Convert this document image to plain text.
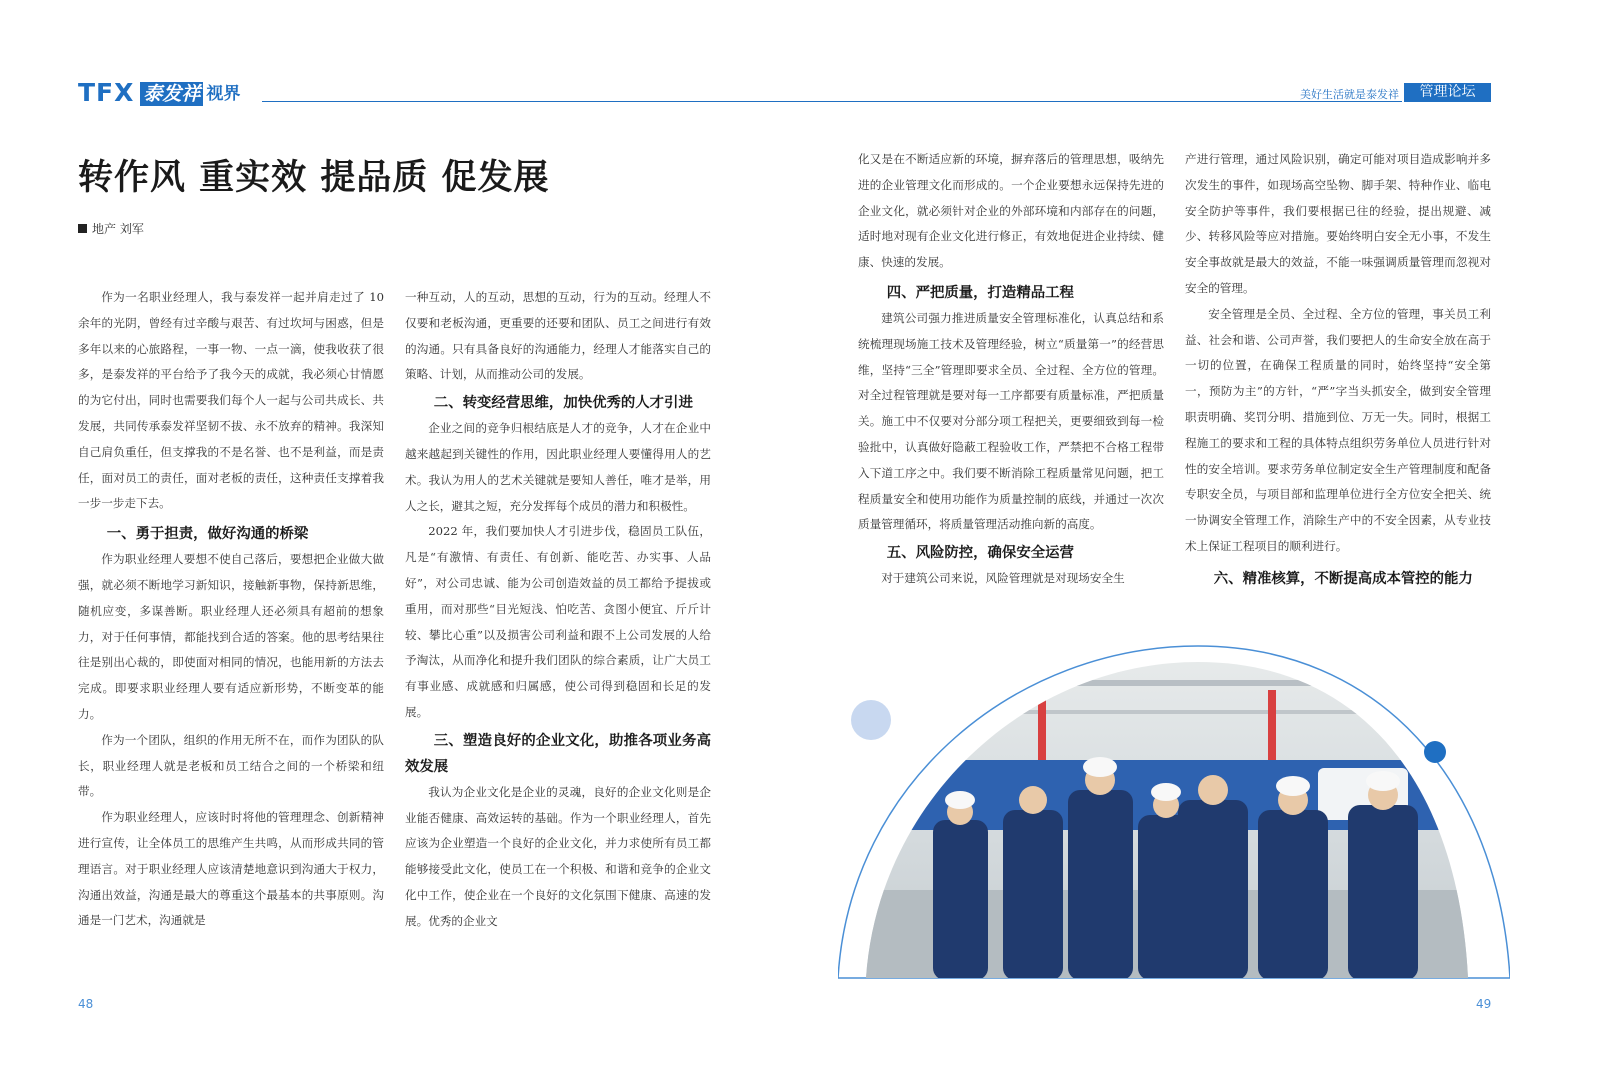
TFX 泰发祥 视界	美好生活就是泰发祥	管理论坛
转作风 重实效 提品质 促发展
地产 刘军

作为一名职业经理人，我与泰发祥一起并肩走过了 10 余年的光阴，曾经有过辛酸与艰苦、有过坎坷与困惑，但是多年以来的心旅路程，一事一物、一点一滴，使我收获了很多，是泰发祥的平台给予了我今天的成就，我必须心甘情愿的为它付出，同时也需要我们每个人一起与公司共成长、共发展，共同传承泰发祥坚韧不拔、永不放弃的精神。我深知自己肩负重任，但支撑我的不是名誉、也不是利益，而是责任，面对员工的责任，面对老板的责任，这种责任支撑着我一步一步走下去。

一、勇于担责，做好沟通的桥梁

作为职业经理人要想不使自己落后，要想把企业做大做强，就必须不断地学习新知识，接触新事物，保持新思维，随机应变，多谋善断。职业经理人还必须具有超前的想象力，对于任何事情，都能找到合适的答案。他的思考结果往往是别出心裁的，即使面对相同的情况，也能用新的方法去完成。即要求职业经理人要有适应新形势，不断变革的能力。

作为一个团队，组织的作用无所不在，而作为团队的队长，职业经理人就是老板和员工结合之间的一个桥梁和纽带。

作为职业经理人，应该时时将他的管理理念、创新精神进行宣传，让全体员工的思维产生共鸣，从而形成共同的管理语言。对于职业经理人应该清楚地意识到沟通大于权力，沟通出效益，沟通是最大的尊重这个最基本的共事原则。沟通是一门艺术，沟通就是

一种互动，人的互动，思想的互动，行为的互动。经理人不仅要和老板沟通，更重要的还要和团队、员工之间进行有效的沟通。只有具备良好的沟通能力，经理人才能落实自己的策略、计划，从而推动公司的发展。

二、转变经营思维，加快优秀的人才引进

企业之间的竞争归根结底是人才的竞争，人才在企业中越来越起到关键性的作用，因此职业经理人要懂得用人的艺术。我认为用人的艺术关键就是要知人善任，唯才是举，用人之长，避其之短，充分发挥每个成员的潜力和积极性。

2022 年，我们要加快人才引进步伐，稳固员工队伍，凡是“有激情、有责任、有创新、能吃苦、办实事、人品好”，对公司忠诚、能为公司创造效益的员工都给予提拔或重用，而对那些“目光短浅、怕吃苦、贪图小便宜、斤斤计较、攀比心重”以及损害公司利益和跟不上公司发展的人给予淘汰，从而净化和提升我们团队的综合素质，让广大员工有事业感、成就感和归属感，使公司得到稳固和长足的发展。

三、塑造良好的企业文化，助推各项业务高效发展

我认为企业文化是企业的灵魂，良好的企业文化则是企业能否健康、高效运转的基础。作为一个职业经理人，首先应该为企业塑造一个良好的企业文化，并力求使所有员工都能够接受此文化，使员工在一个积极、和谐和竞争的企业文化中工作，使企业在一个良好的文化氛围下健康、高速的发展。优秀的企业文

化又是在不断适应新的环境，摒弃落后的管理思想，吸纳先进的企业管理文化而形成的。一个企业要想永远保持先进的企业文化，就必须针对企业的外部环境和内部存在的问题，适时地对现有企业文化进行修正，有效地促进企业持续、健康、快速的发展。

四、严把质量，打造精品工程

建筑公司强力推进质量安全管理标准化，认真总结和系统梳理现场施工技术及管理经验，树立“质量第一”的经营思维，坚持“三全”管理即要求全员、全过程、全方位的管理。对全过程管理就是要对每一工序都要有质量标准，严把质量关。施工中不仅要对分部分项工程把关，更要细致到每一检验批中，认真做好隐蔽工程验收工作，严禁把不合格工程带入下道工序之中。我们要不断消除工程质量常见问题，把工程质量安全和使用功能作为质量控制的底线，并通过一次次质量管理循环，将质量管理活动推向新的高度。

五、风险防控，确保安全运营

对于建筑公司来说，风险管理就是对现场安全生

产进行管理，通过风险识别，确定可能对项目造成影响并多次发生的事件，如现场高空坠物、脚手架、特种作业、临电安全防护等事件，我们要根据已往的经验，提出规避、减少、转移风险等应对措施。要始终明白安全无小事，不发生安全事故就是最大的效益，不能一味强调质量管理而忽视对安全的管理。

安全管理是全员、全过程、全方位的管理，事关员工利益、社会和谐、公司声誉，我们要把人的生命安全放在高于一切的位置，在确保工程质量的同时，始终坚持“安全第一，预防为主”的方针，“严”字当头抓安全，做到安全管理职责明确、奖罚分明、措施到位、万无一失。同时，根据工程施工的要求和工程的具体特点组织劳务单位人员进行针对性的安全培训。要求劳务单位制定安全生产管理制度和配备专职安全员，与项目部和监理单位进行全方位安全把关、统一协调安全管理工作，消除生产中的不安全因素，从专业技术上保证工程项目的顺利进行。

六、精准核算，不断提高成本管控的能力
48	49
